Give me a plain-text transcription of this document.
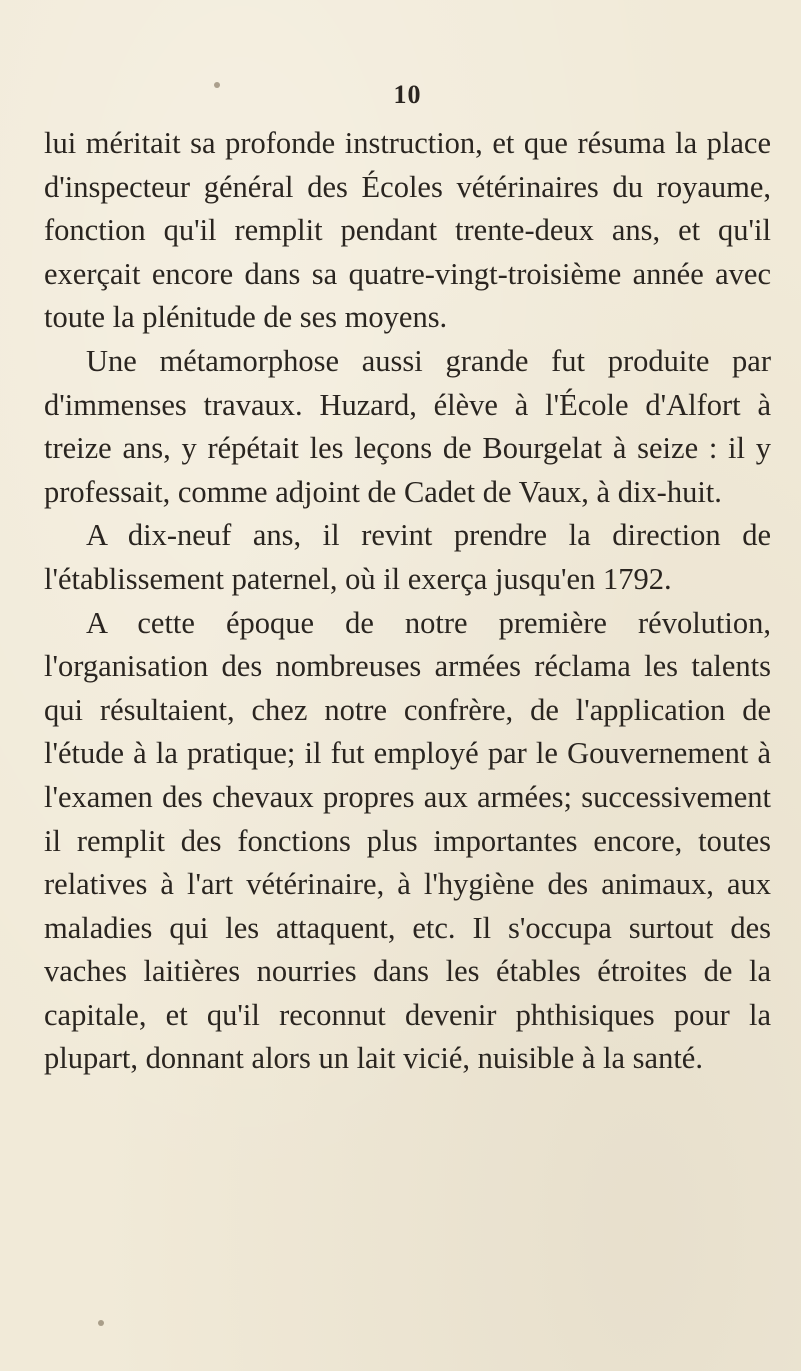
10

lui méritait sa profonde instruction, et que résuma la place d'inspecteur général des Écoles vétérinaires du royaume, fonction qu'il remplit pendant trente-deux ans, et qu'il exerçait encore dans sa quatre-vingt-troisième année avec toute la plénitude de ses moyens.

Une métamorphose aussi grande fut produite par d'immenses travaux. Huzard, élève à l'École d'Alfort à treize ans, y répétait les leçons de Bourgelat à seize : il y professait, comme adjoint de Cadet de Vaux, à dix-huit.

A dix-neuf ans, il revint prendre la direction de l'établissement paternel, où il exerça jusqu'en 1792.

A cette époque de notre première révolution, l'organisation des nombreuses armées réclama les talents qui résultaient, chez notre confrère, de l'application de l'étude à la pratique; il fut employé par le Gouvernement à l'examen des chevaux propres aux armées; successivement il remplit des fonctions plus importantes encore, toutes relatives à l'art vétérinaire, à l'hygiène des animaux, aux maladies qui les attaquent, etc. Il s'occupa surtout des vaches laitières nourries dans les étables étroites de la capitale, et qu'il reconnut devenir phthisiques pour la plupart, donnant alors un lait vicié, nuisible à la santé.
